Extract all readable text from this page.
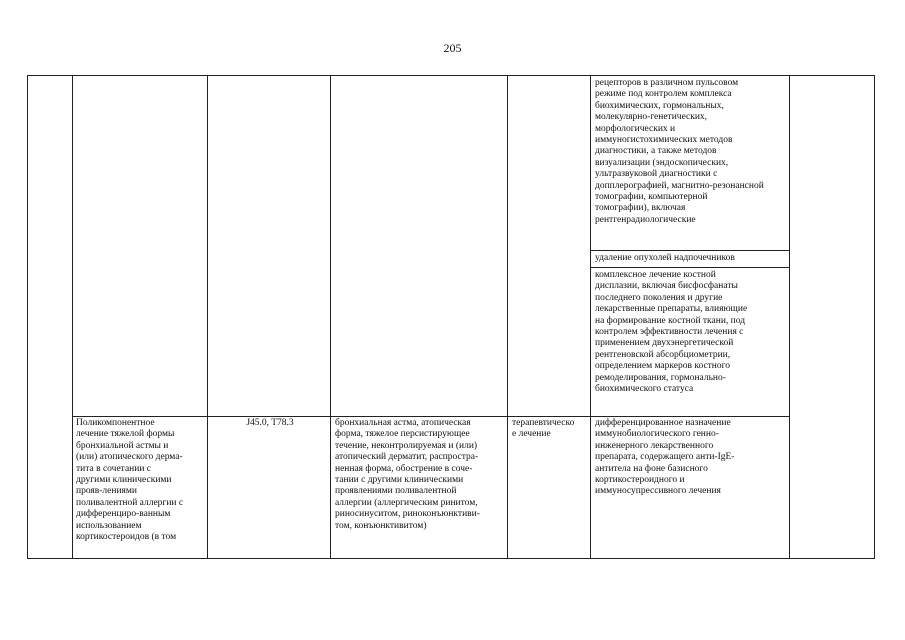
205
рецепторов в различном пульсовом
режиме под контролем комплекса
биохимических, гормональных,
молекулярно-генетических,
морфологических и
иммуногистохимических методов
диагностики, а также методов
визуализации (эндоскопических,
ультразвуковой диагностики с
допплерографией, магнитно-резонансной
томографии, компьютерной
томографии), включая
рентгенрадиологические
удаление опухолей надпочечников
комплексное лечение костной
дисплазии, включая бисфосфанаты
последнего поколения и другие
лекарственные препараты, влияющие
на формирование костной ткани, под
контролем эффективности лечения с
применением двухэнергетической
рентгеновской абсорбциометрии,
определением маркеров костного
ремоделирования, гормонально-
биохимического статуса
Поликомпонентное
лечение тяжелой формы
бронхиальной астмы и
(или) атопического дерма-
тита в сочетании с
другими клиническими
прояв-лениями
поливалентной аллергии с
дифференциро-ванным
использованием
кортикостероидов (в том
J45.0, T78.3	бронхиальная астма, атопическая
форма, тяжелое персистирующее
течение, неконтролируемая и (или)
атопический дерматит, распростра-
ненная форма, обострение в соче-
тании с другими клиническими
проявлениями поливалентной
аллергии (аллергическим ринитом,
риносинуситом, риноконъюнктиви-
том, конъюнктивитом)
терапевтическо
е лечение
дифференцированное назначение
иммунобиологического генно-
инженерного лекарственного
препарата, содержащего анти-IgE-
антитела на фоне базисного
кортикостероидного и
иммуносупрессивного лечения
